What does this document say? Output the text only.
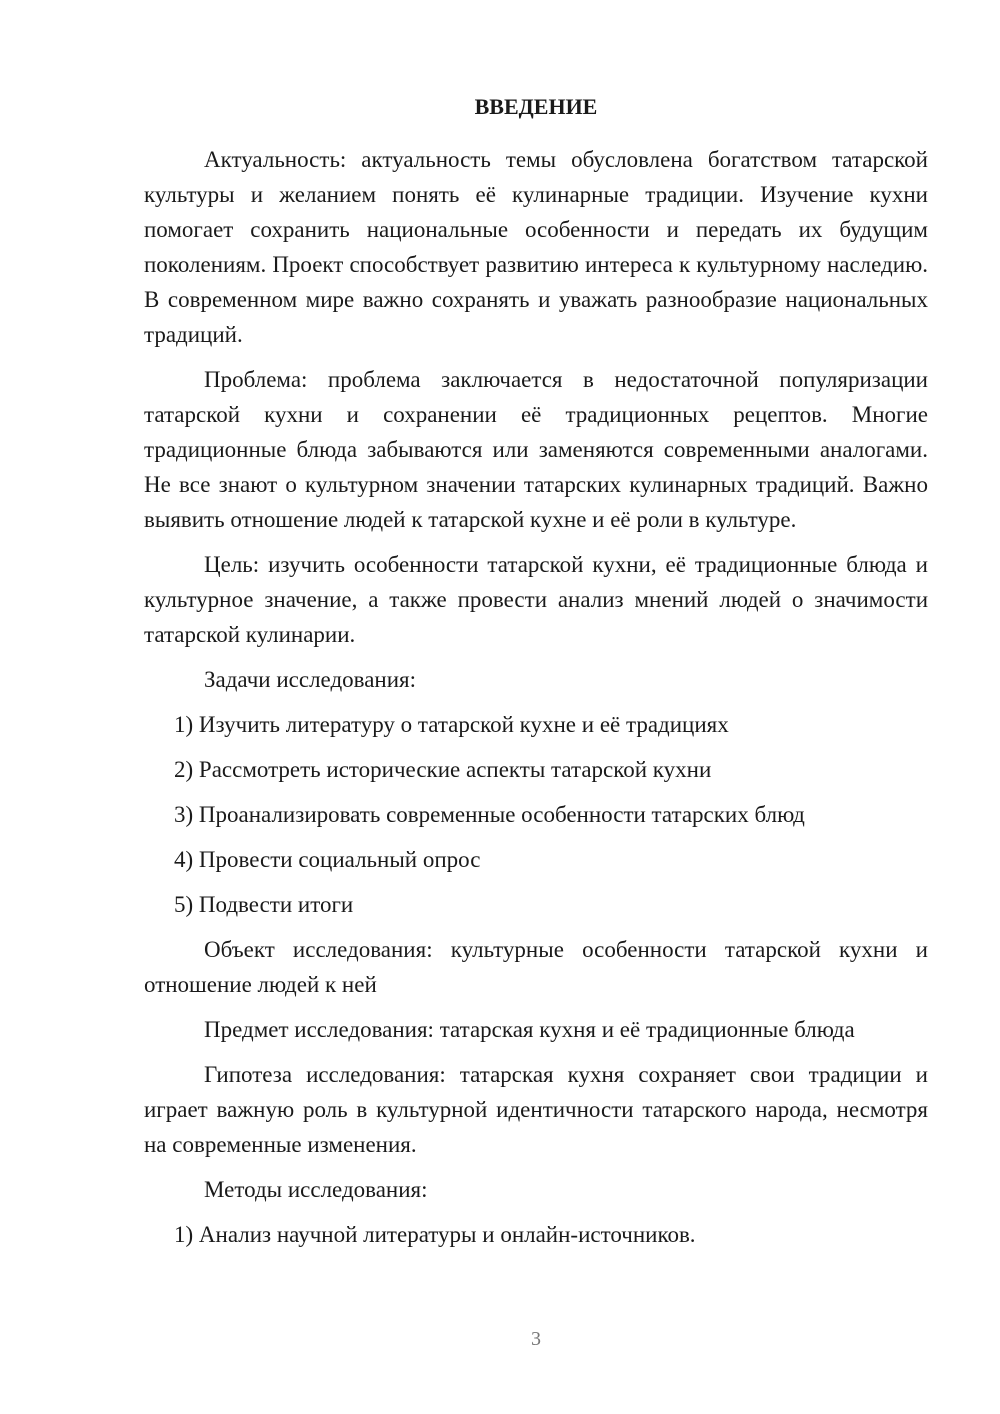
ВВЕДЕНИЕ

Актуальность: актуальность темы обусловлена богатством татарской культуры и желанием понять её кулинарные традиции. Изучение кухни помогает сохранить национальные особенности и передать их будущим поколениям. Проект способствует развитию интереса к культурному наследию. В современном мире важно сохранять и уважать разнообразие национальных традиций.

Проблема: проблема заключается в недостаточной популяризации татарской кухни и сохранении её традиционных рецептов. Многие традиционные блюда забываются или заменяются современными аналогами. Не все знают о культурном значении татарских кулинарных традиций. Важно выявить отношение людей к татарской кухне и её роли в культуре.

Цель: изучить особенности татарской кухни, её традиционные блюда и культурное значение, а также провести анализ мнений людей о значимости татарской кулинарии.

Задачи исследования:

1) Изучить литературу о татарской кухне и её традициях
2) Рассмотреть исторические аспекты татарской кухни
3) Проанализировать современные особенности татарских блюд
4) Провести социальный опрос
5) Подвести итоги

Объект исследования: культурные особенности татарской кухни и отношение людей к ней

Предмет исследования: татарская кухня и её традиционные блюда

Гипотеза исследования: татарская кухня сохраняет свои традиции и играет важную роль в культурной идентичности татарского народа, несмотря на современные изменения.

Методы исследования:

1) Анализ научной литературы и онлайн-источников.
3
